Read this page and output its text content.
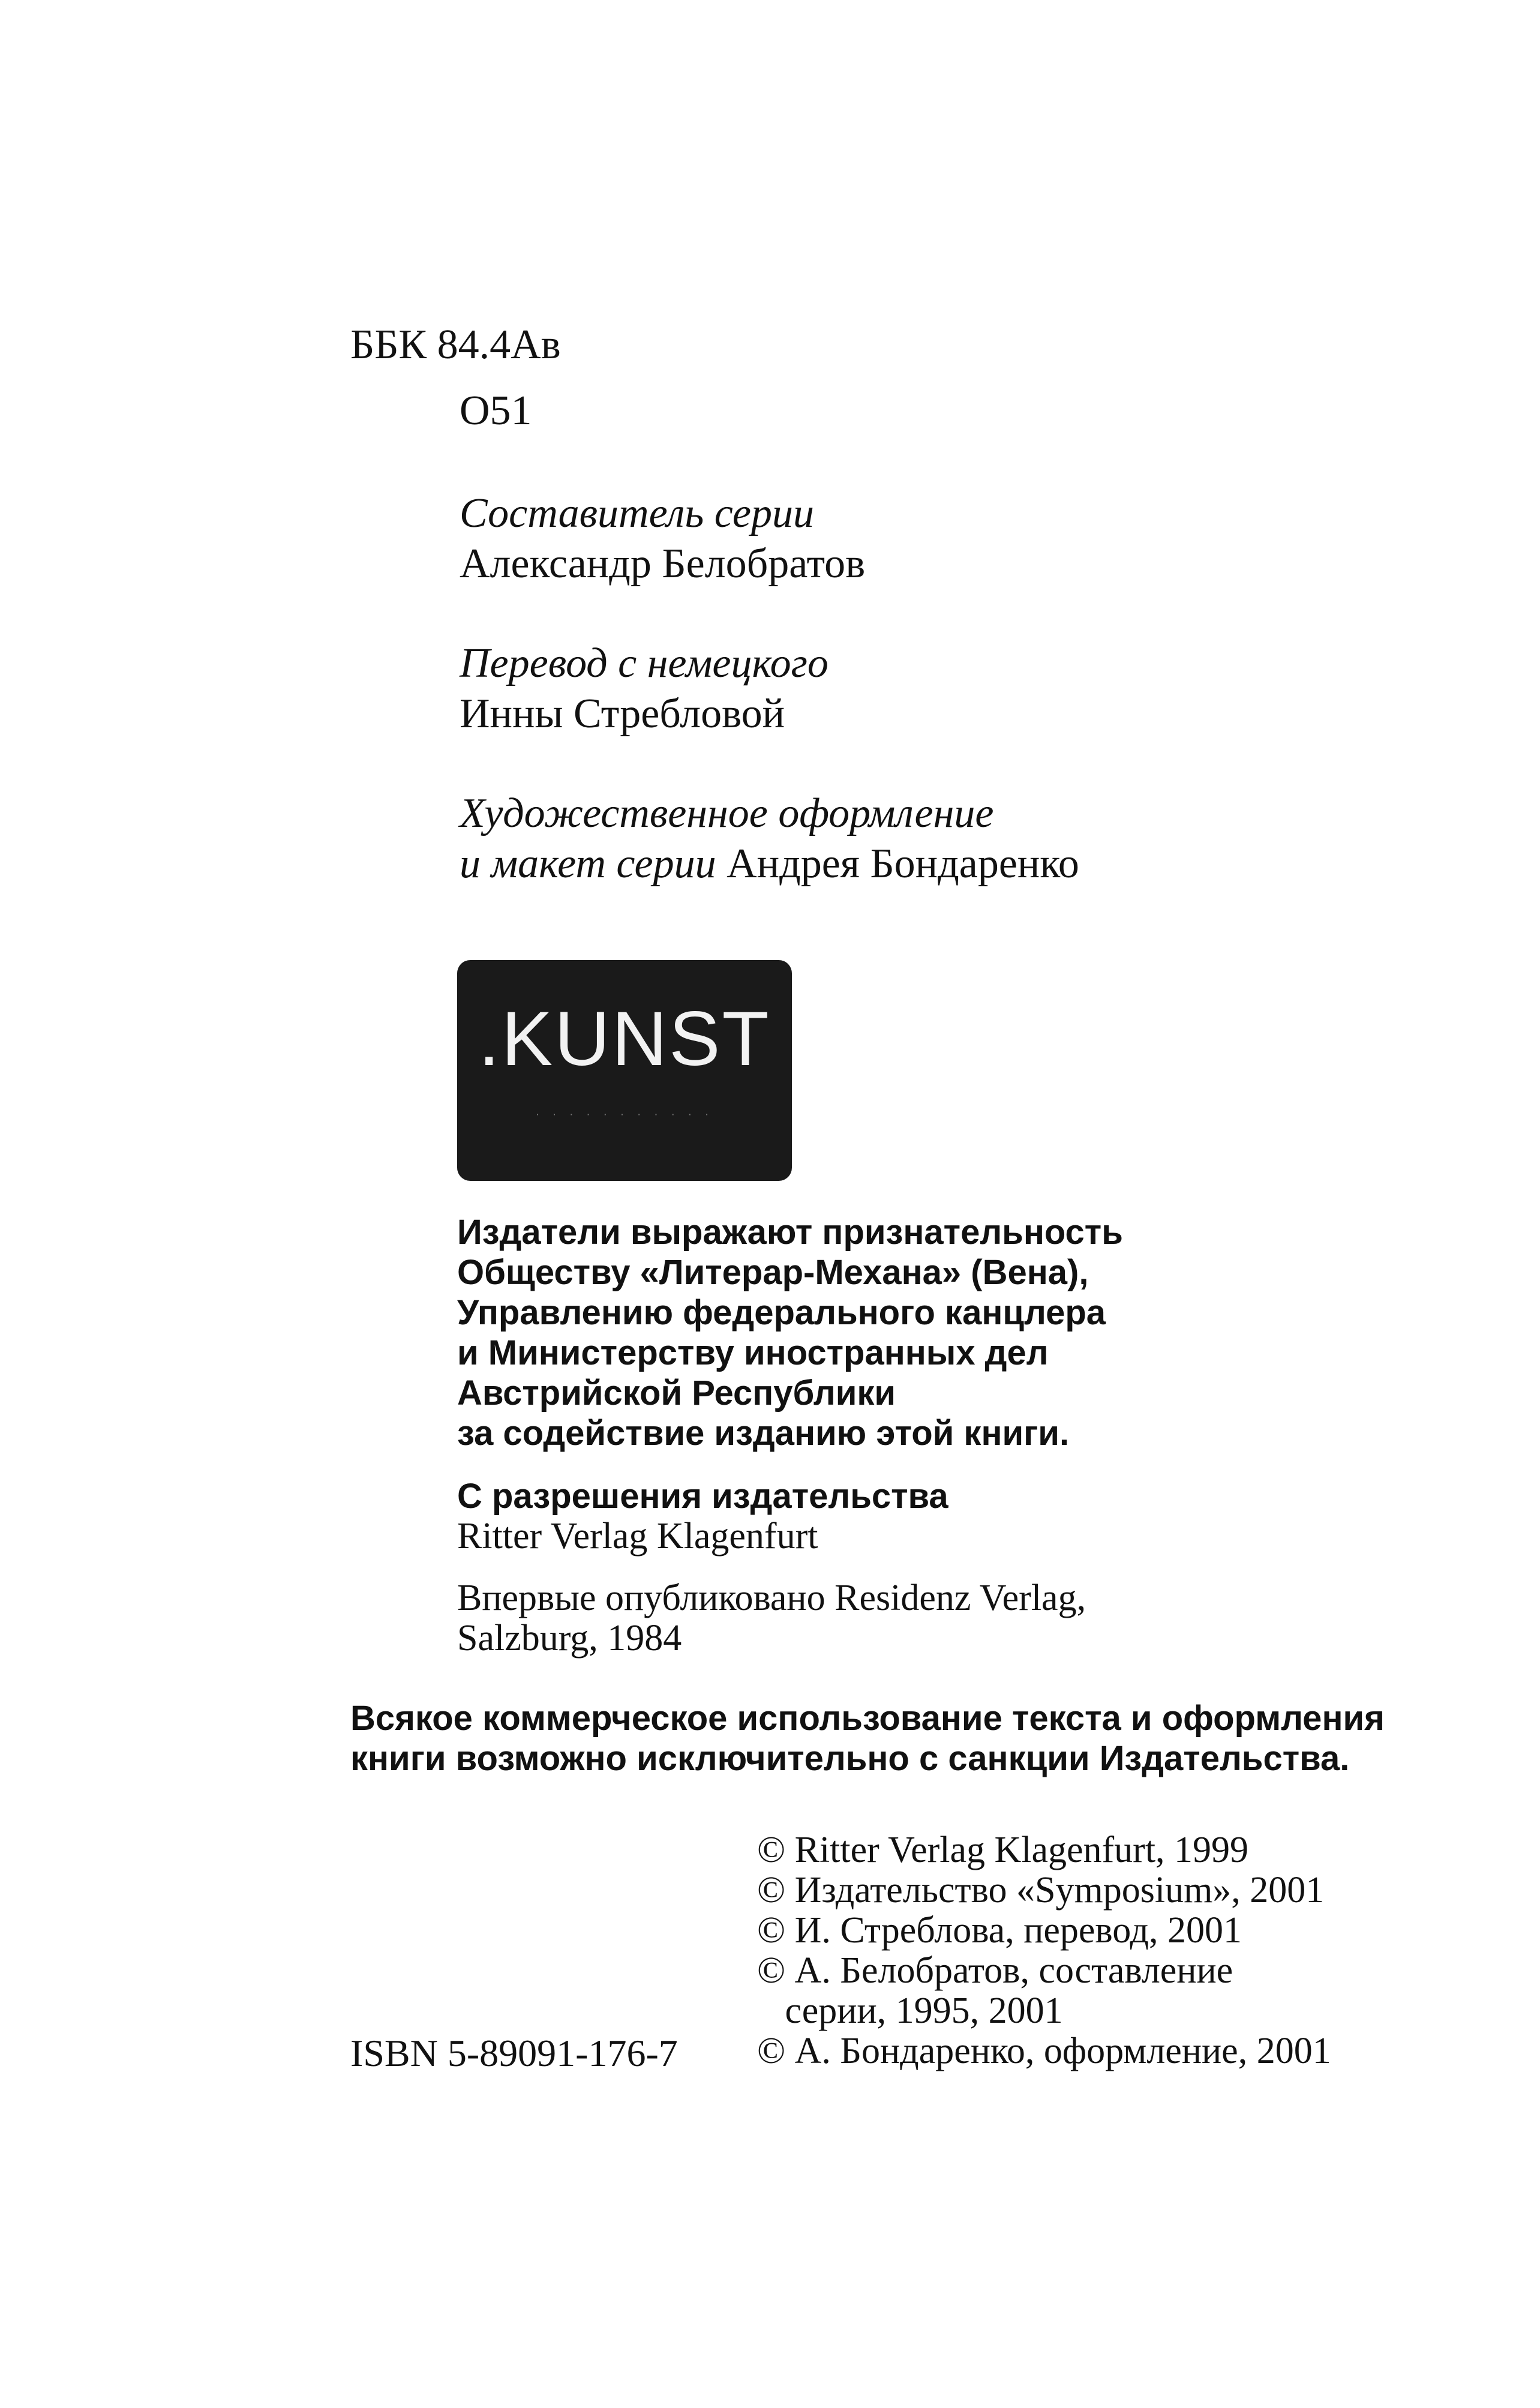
ББК 84.4Ав
О51
Составитель серии
Александр Белобратов
Перевод с немецкого
Инны Стребловой
Художественное оформление
и макет серии Андрея Бондаренко
.KUNST
· · · · · · · · · · ·
Издатели выражают признательность
Обществу «Литерар-Механа» (Вена),
Управлению федерального канцлера
и Министерству иностранных дел
Австрийской Республики
за содействие изданию этой книги.
С разрешения издательства
Ritter Verlag Klagenfurt
Впервые опубликовано Residenz Verlag,
Salzburg, 1984
Всякое коммерческое использование текста и оформления
книги возможно исключительно с санкции Издательства.
© Ritter Verlag Klagenfurt, 1999
© Издательство «Symposium», 2001
© И. Стреблова, перевод, 2001
© А. Белобратов, составление
серии, 1995, 2001
© А. Бондаренко, оформление, 2001
ISBN 5-89091-176-7
